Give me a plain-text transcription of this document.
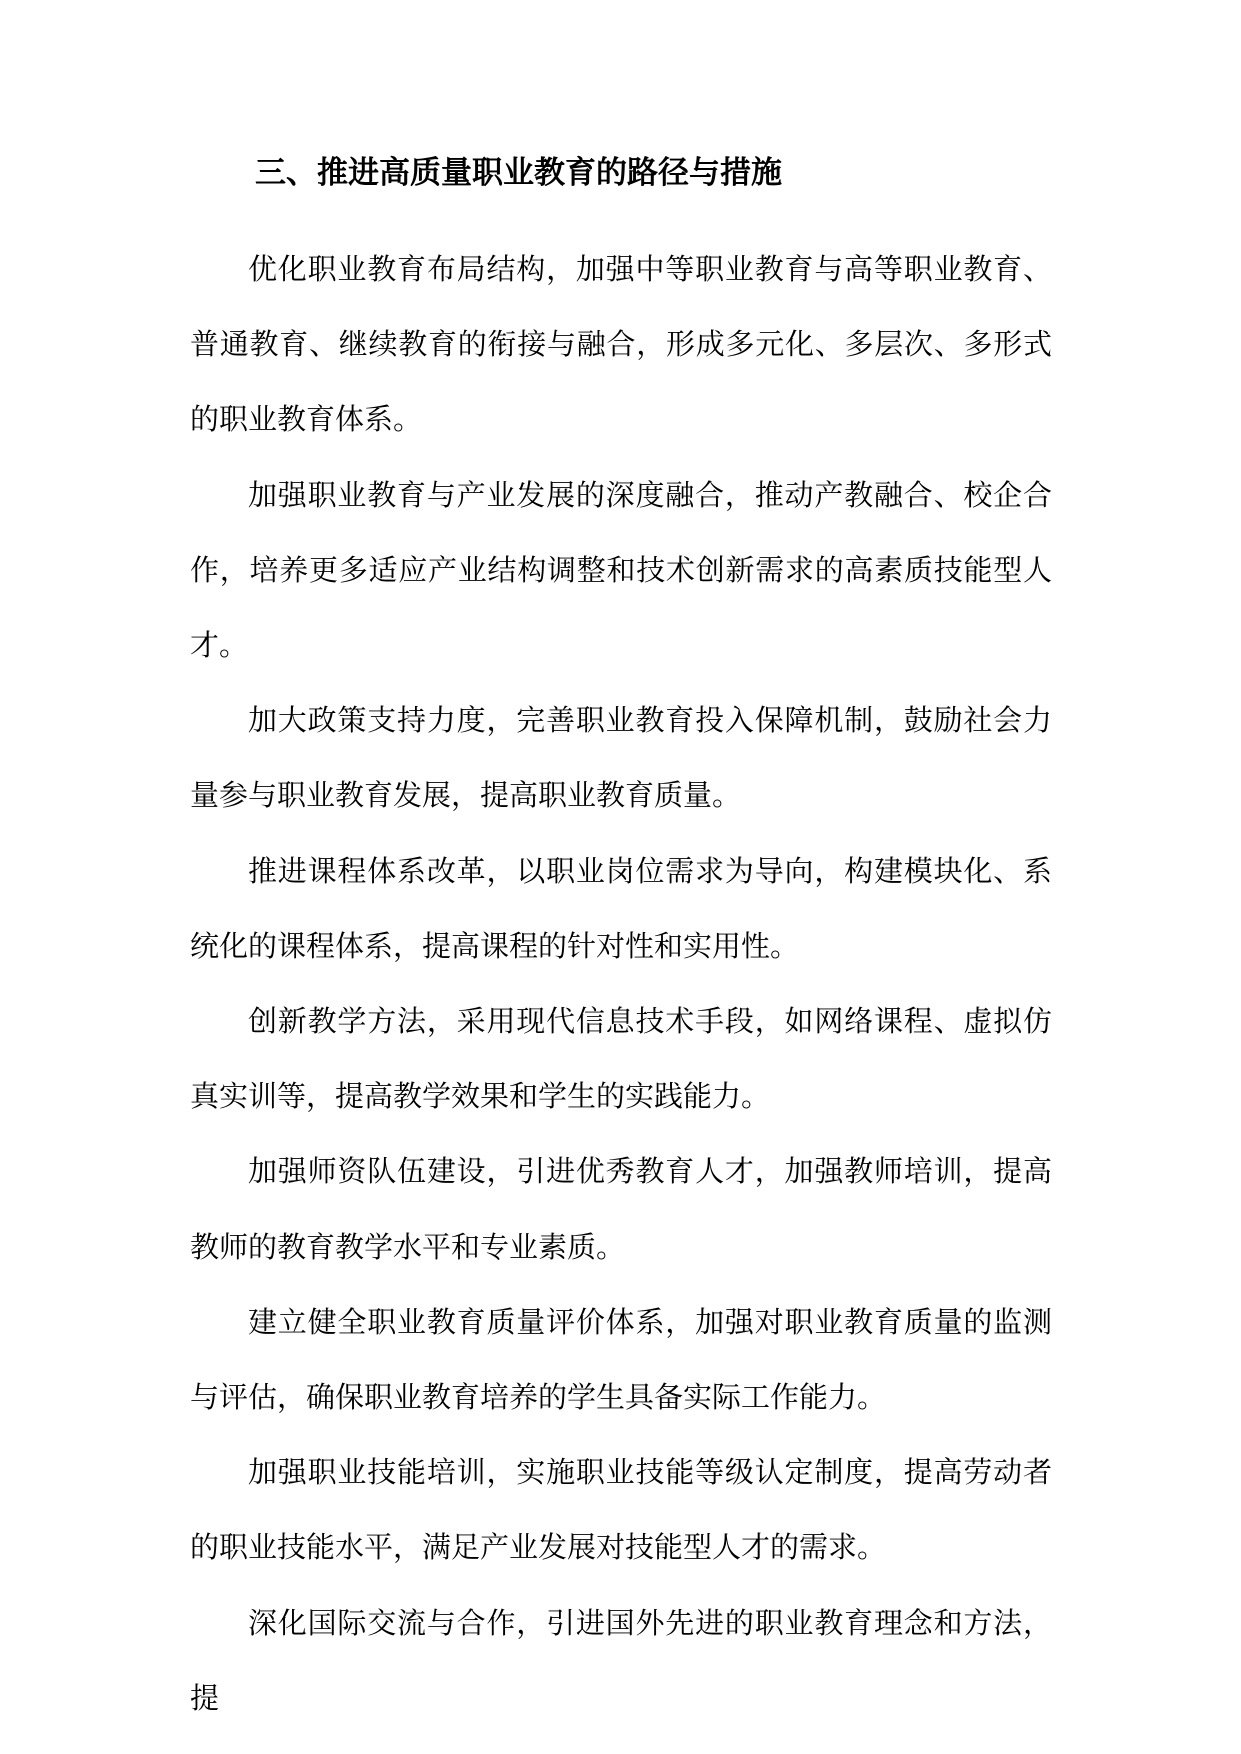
三、推进高质量职业教育的路径与措施

优化职业教育布局结构，加强中等职业教育与高等职业教育、普通教育、继续教育的衔接与融合，形成多元化、多层次、多形式的职业教育体系。

加强职业教育与产业发展的深度融合，推动产教融合、校企合作，培养更多适应产业结构调整和技术创新需求的高素质技能型人才。

加大政策支持力度，完善职业教育投入保障机制，鼓励社会力量参与职业教育发展，提高职业教育质量。

推进课程体系改革，以职业岗位需求为导向，构建模块化、系统化的课程体系，提高课程的针对性和实用性。

创新教学方法，采用现代信息技术手段，如网络课程、虚拟仿真实训等，提高教学效果和学生的实践能力。

加强师资队伍建设，引进优秀教育人才，加强教师培训，提高教师的教育教学水平和专业素质。

建立健全职业教育质量评价体系，加强对职业教育质量的监测与评估，确保职业教育培养的学生具备实际工作能力。

加强职业技能培训，实施职业技能等级认定制度，提高劳动者的职业技能水平，满足产业发展对技能型人才的需求。

深化国际交流与合作，引进国外先进的职业教育理念和方法，提
